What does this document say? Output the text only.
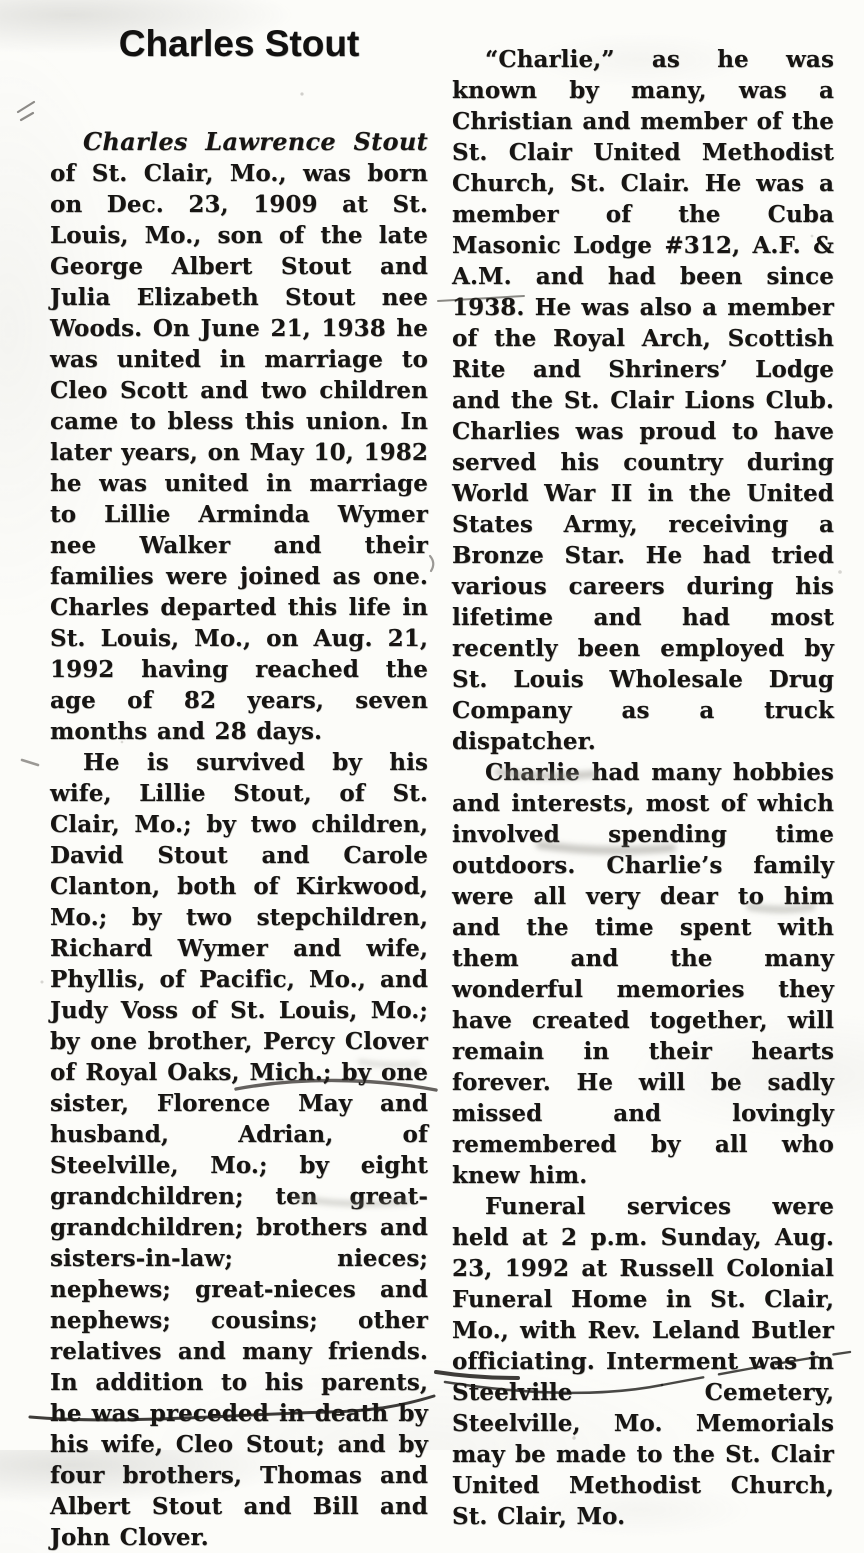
Charles Stout

Charles Lawrence Stout of St. Clair, Mo., was born on Dec. 23, 1909 at St. Louis, Mo., son of the late George Albert Stout and Julia Elizabeth Stout nee Woods. On June 21, 1938 he was united in marriage to Cleo Scott and two children came to bless this union. In later years, on May 10, 1982 he was united in marriage to Lillie Arminda Wymer nee Walker and their families were joined as one. Charles departed this life in St. Louis, Mo., on Aug. 21, 1992 having reached the age of 82 years, seven months and 28 days.

He is survived by his wife, Lillie Stout, of St. Clair, Mo.; by two children, David Stout and Carole Clanton, both of Kirkwood, Mo.; by two stepchildren, Richard Wymer and wife, Phyllis, of Pacific, Mo., and Judy Voss of St. Louis, Mo.; by one brother, Percy Clover of Royal Oaks, Mich.; by one sister, Florence May and husband, Adrian, of Steelville, Mo.; by eight grandchildren; ten great-grandchildren; brothers and sisters-in-law; nieces; nephews; great-nieces and nephews; cousins; other relatives and many friends. In addition to his parents, he was preceded in death by his wife, Cleo Stout; and by four brothers, Thomas and Albert Stout and Bill and John Clover.

“Charlie,” as he was known by many, was a Christian and member of the St. Clair United Methodist Church, St. Clair. He was a member of the Cuba Masonic Lodge #312, A.F. & A.M. and had been since 1938. He was also a member of the Royal Arch, Scottish Rite and Shriners’ Lodge and the St. Clair Lions Club. Charlies was proud to have served his country during World War II in the United States Army, receiving a Bronze Star. He had tried various careers during his lifetime and had most recently been employed by St. Louis Wholesale Drug Company as a truck dispatcher.

Charlie had many hobbies and interests, most of which involved spending time outdoors. Charlie’s family were all very dear to him and the time spent with them and the many wonderful memories they have created together, will remain in their hearts forever. He will be sadly missed and lovingly remembered by all who knew him.

Funeral services were held at 2 p.m. Sunday, Aug. 23, 1992 at Russell Colonial Funeral Home in St. Clair, Mo., with Rev. Leland Butler officiating. Interment was in Steelville Cemetery, Steelville, Mo. Memorials may be made to the St. Clair United Methodist Church, St. Clair, Mo.
